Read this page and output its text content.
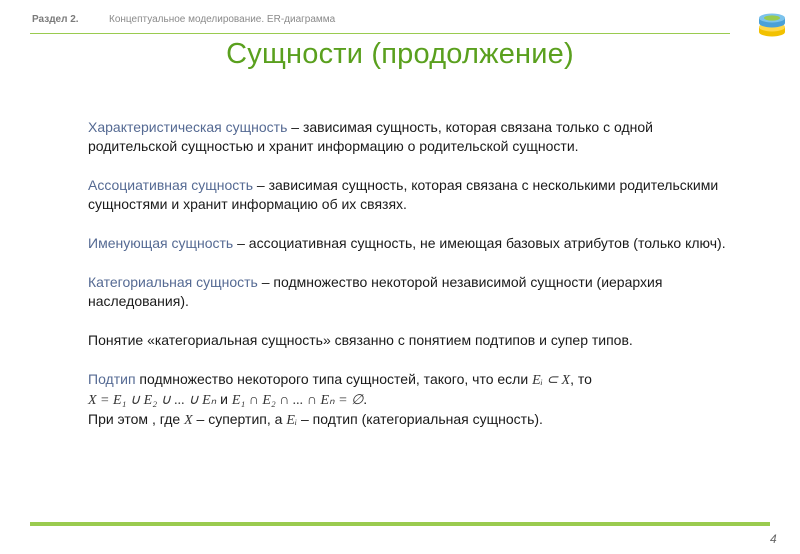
Раздел 2.	Концептуальное моделирование. ER-диаграмма
Сущности (продолжение)

Характеристическая сущность – зависимая сущность, которая связана только с одной родительской сущностью и хранит информацию о родительской сущности.

Ассоциативная сущность – зависимая сущность, которая связана с несколькими родительскими сущностями и хранит информацию об их связях.

Именующая сущность – ассоциативная сущность, не имеющая базовых атрибутов (только ключ).

Категориальная сущность – подмножество некоторой независимой сущности (иерархия наследования).

Понятие «категориальная сущность» связанно с понятием подтипов и супер типов.

Подтип подмножество некоторого типа сущностей, такого, что если Eᵢ ⊂ X, то
X = E₁ ∪ E₂ ∪ ... ∪ Eₙ и E₁ ∩ E₂ ∩ ... ∩ Eₙ = ∅.
При этом , где X – супертип, а Eᵢ – подтип (категориальная сущность).
4
